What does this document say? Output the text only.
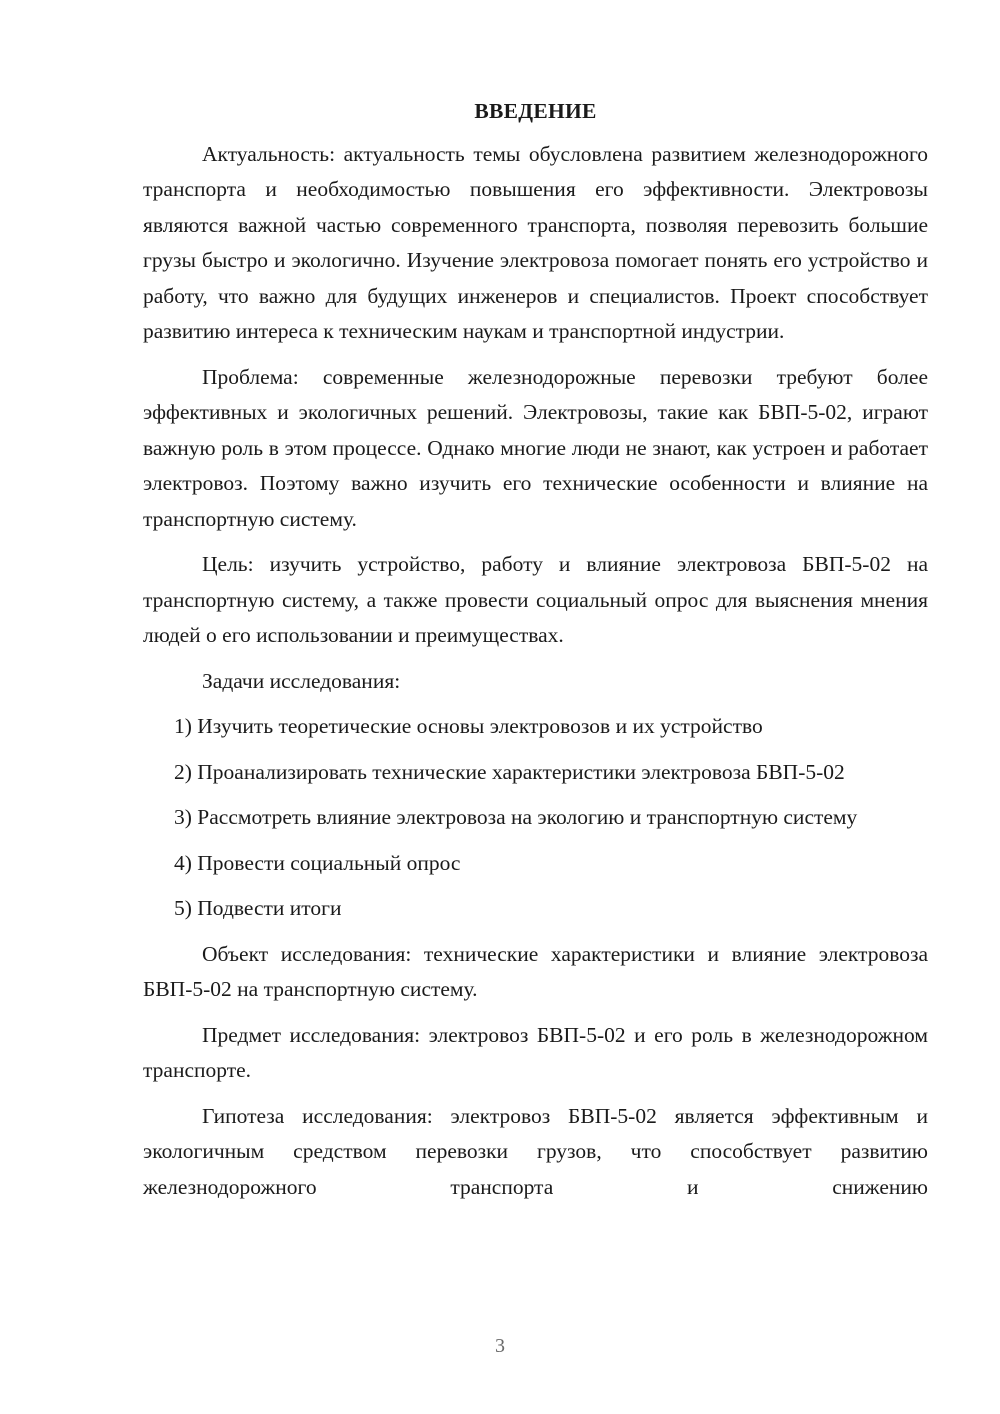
ВВЕДЕНИЕ

Актуальность: актуальность темы обусловлена развитием железнодорожного транспорта и необходимостью повышения его эффективности. Электровозы являются важной частью современного транспорта, позволяя перевозить большие грузы быстро и экологично. Изучение электровоза помогает понять его устройство и работу, что важно для будущих инженеров и специалистов. Проект способствует развитию интереса к техническим наукам и транспортной индустрии.

Проблема: современные железнодорожные перевозки требуют более эффективных и экологичных решений. Электровозы, такие как БВП-5-02, играют важную роль в этом процессе. Однако многие люди не знают, как устроен и работает электровоз. Поэтому важно изучить его технические особенности и влияние на транспортную систему.

Цель: изучить устройство, работу и влияние электровоза БВП-5-02 на транспортную систему, а также провести социальный опрос для выяснения мнения людей о его использовании и преимуществах.

Задачи исследования:

1) Изучить теоретические основы электровозов и их устройство

2) Проанализировать технические характеристики электровоза БВП-5-02

3) Рассмотреть влияние электровоза на экологию и транспортную систему

4) Провести социальный опрос

5) Подвести итоги

Объект исследования: технические характеристики и влияние электровоза БВП-5-02 на транспортную систему.

Предмет исследования: электровоз БВП-5-02 и его роль в железнодорожном транспорте.

Гипотеза исследования: электровоз БВП-5-02 является эффективным и экологичным средством перевозки грузов, что способствует развитию железнодорожного транспорта и снижению

3
